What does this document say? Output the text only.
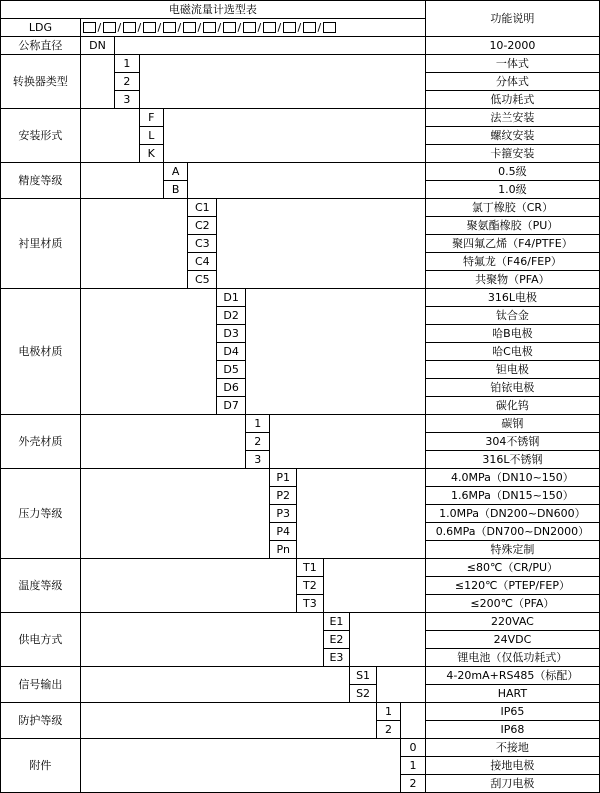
电磁流量计选型表														功能说明
LDG	/ / / / / / / / / / / /

公称直径	DN													10-2000
转换器类型		1												一体式
		2												分体式
		3												低功耗式
安装形式			F											法兰安装
			L											螺纹安装
			K											卡箍安装
精度等级				A										0.5级
				B										1.0级
衬里材质					C1									氯丁橡胶（CR）
					C2									聚氨酯橡胶（PU）
					C3									聚四氟乙烯（F4/PTFE）
					C4									特氟龙（F46/FEP）
					C5									共聚物（PFA）
电极材质						D1								316L电极
						D2								钛合金
						D3								哈B电极
						D4								哈C电极
						D5								钽电极
						D6								铂铱电极
						D7								碳化钨
外壳材质							1							碳钢
							2							304不锈钢
							3							316L不锈钢
压力等级								P1						4.0MPa（DN10~150）
								P2						1.6MPa（DN15~150）
								P3						1.0MPa（DN200~DN600）
								P4						0.6MPa（DN700~DN2000）
								Pn						特殊定制
温度等级									T1					≤80℃（CR/PU）
									T2					≤120℃（PTEP/FEP）
									T3					≤200℃（PFA）
供电方式										E1				220VAC
										E2				24VDC
										E3				锂电池（仅低功耗式）
信号输出											S1			4-20mA+RS485（标配）
											S2			HART
防护等级												1		IP65
												2		IP68
附件													0	不接地
													1	接地电极
													2	刮刀电极
